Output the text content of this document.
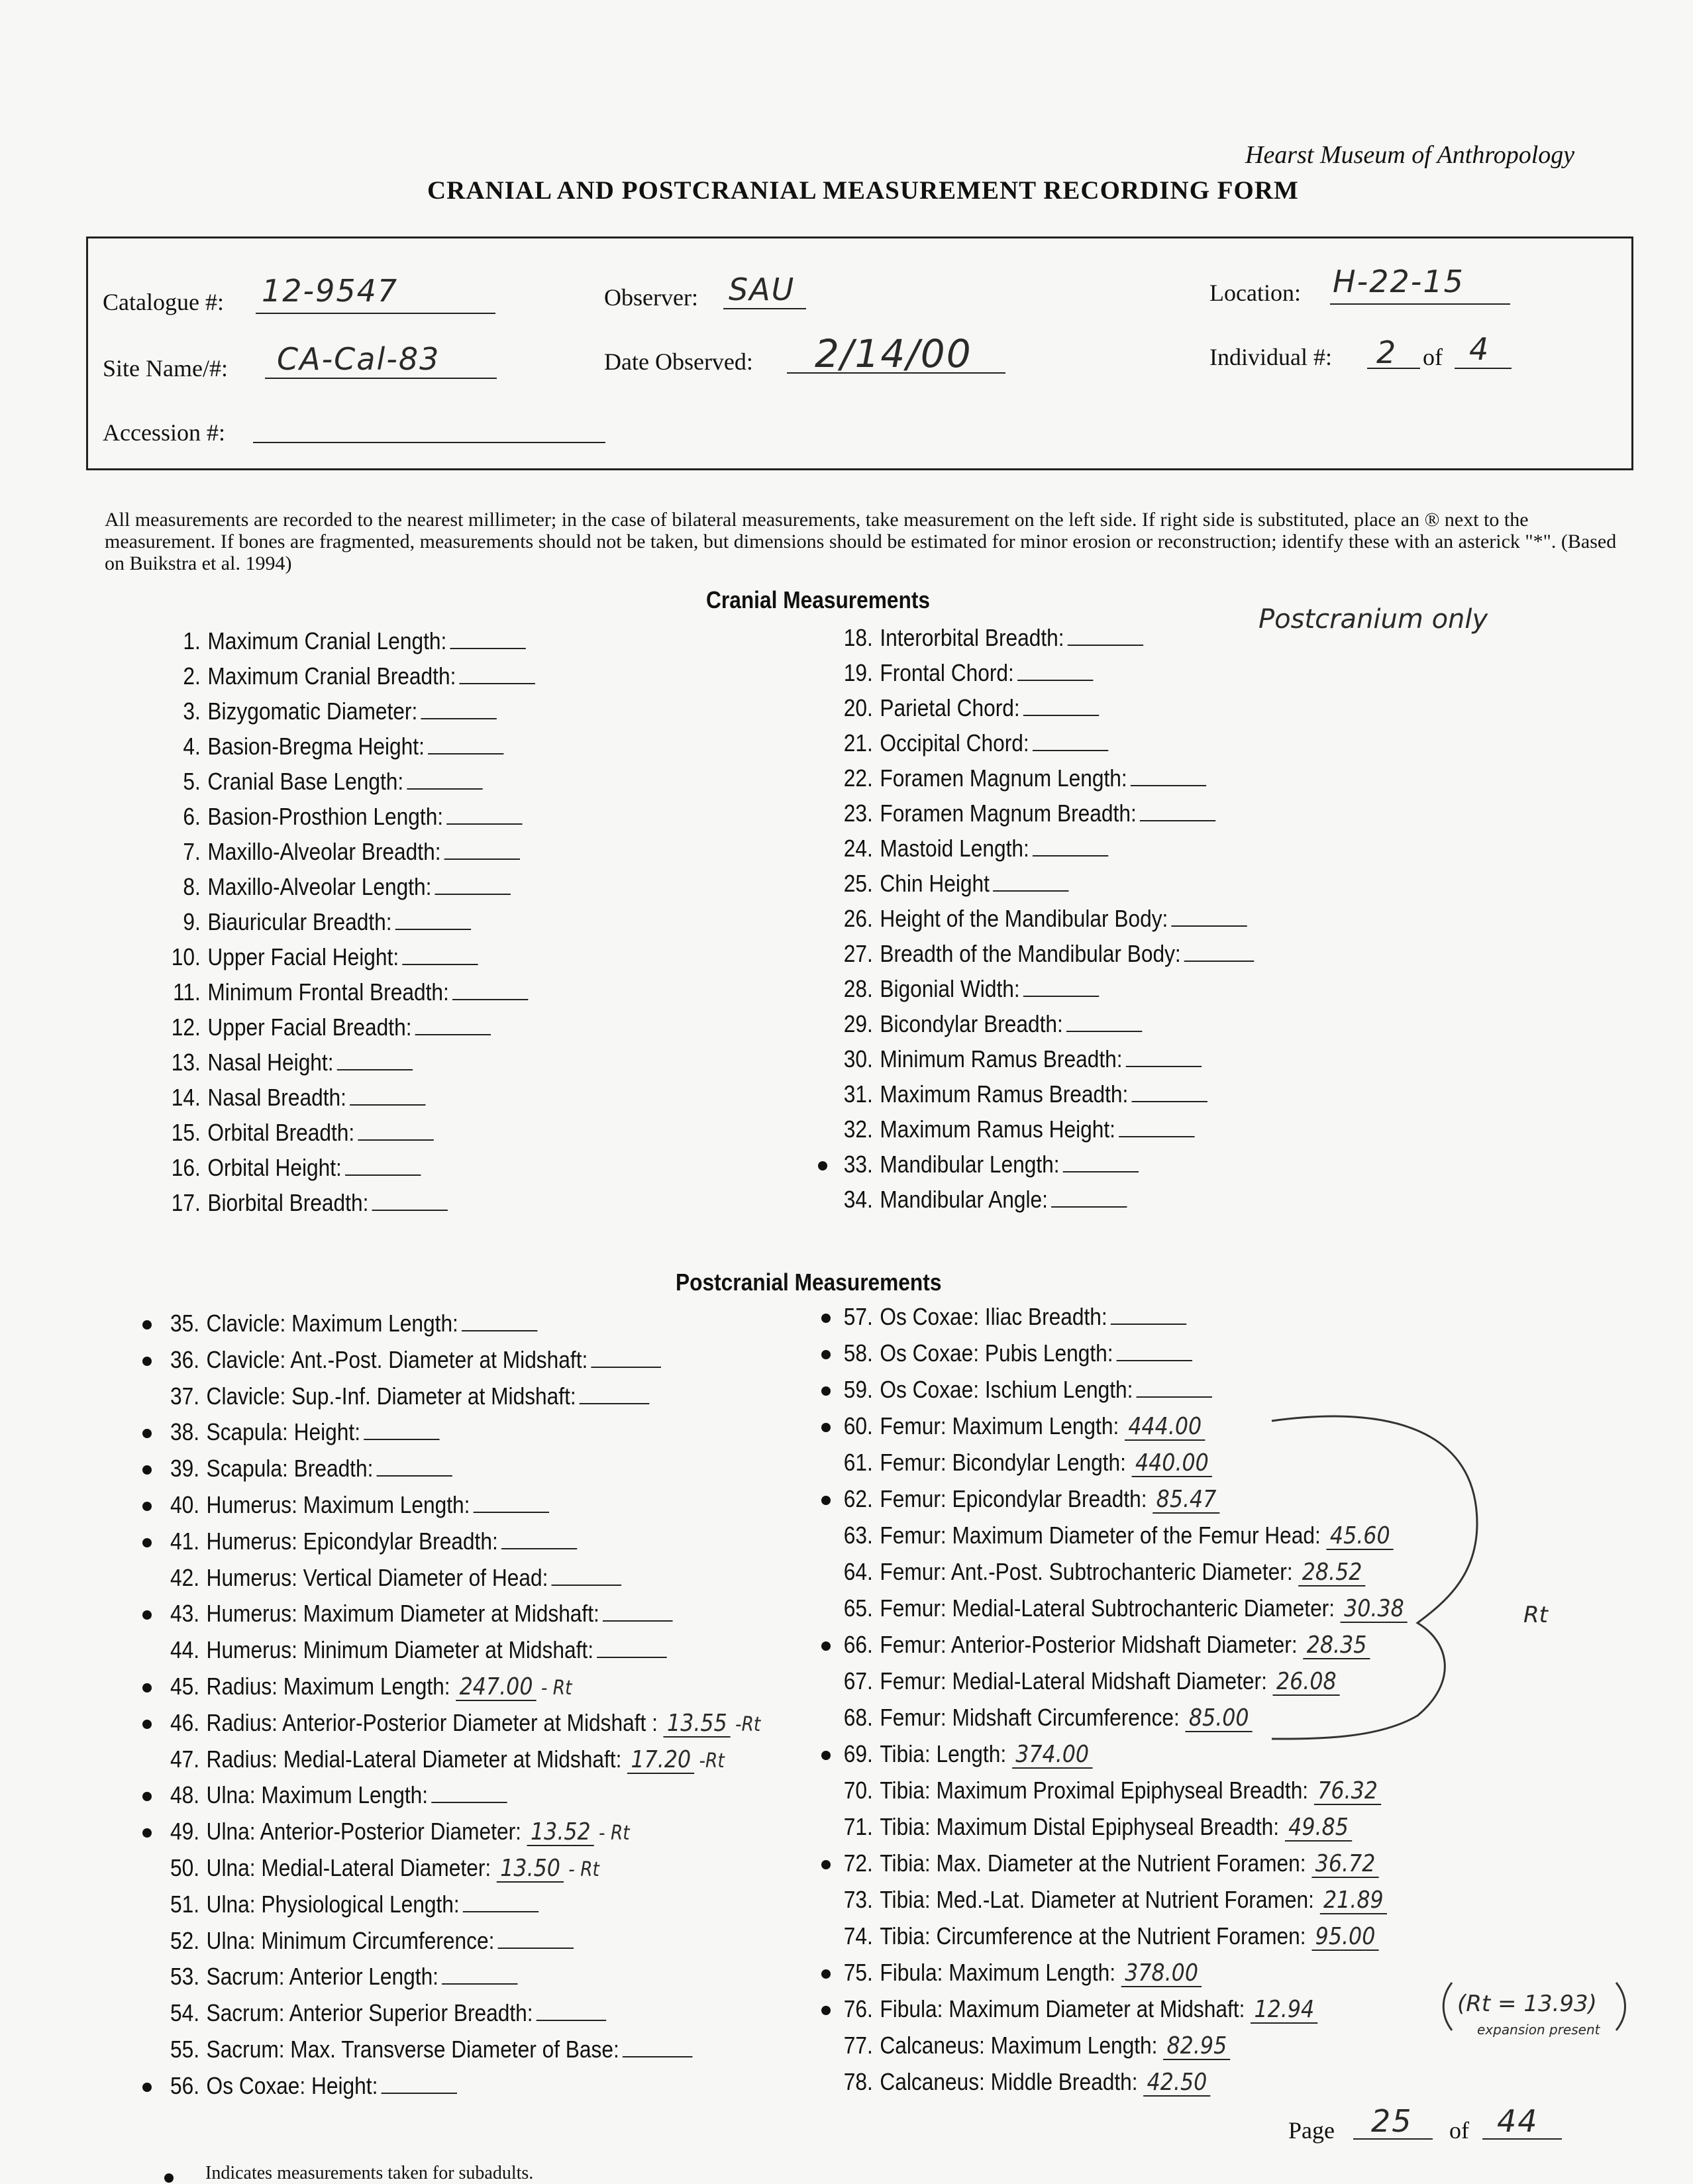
Hearst Museum of Anthropology
CRANIAL AND POSTCRANIAL MEASUREMENT RECORDING FORM
Catalogue #: 12-9547	Observer: SAU	Location: H-22-15
Site Name/#: CA-Cal-83	Date Observed: 2/14/00	Individual #: 2 of 4
Accession #:
All measurements are recorded to the nearest millimeter; in the case of bilateral measurements, take measurement on the left side. If right side is substituted, place an ® next to the measurement. If bones are fragmented, measurements should not be taken, but dimensions should be estimated for minor erosion or reconstruction; identify these with an asterick "*". (Based on Buikstra et al. 1994)
Cranial Measurements
Postcranium only
1. Maximum Cranial Length:
2. Maximum Cranial Breadth:
3. Bizygomatic Diameter:
4. Basion-Bregma Height:
5. Cranial Base Length:
6. Basion-Prosthion Length:
7. Maxillo-Alveolar Breadth:
8. Maxillo-Alveolar Length:
9. Biauricular Breadth:
10. Upper Facial Height:
11. Minimum Frontal Breadth:
12. Upper Facial Breadth:
13. Nasal Height:
14. Nasal Breadth:
15. Orbital Breadth:
16. Orbital Height:
17. Biorbital Breadth:
18. Interorbital Breadth:
19. Frontal Chord:
20. Parietal Chord:
21. Occipital Chord:
22. Foramen Magnum Length:
23. Foramen Magnum Breadth:
24. Mastoid Length:
25. Chin Height
26. Height of the Mandibular Body:
27. Breadth of the Mandibular Body:
28. Bigonial Width:
29. Bicondylar Breadth:
30. Minimum Ramus Breadth:
31. Maximum Ramus Breadth:
32. Maximum Ramus Height:
33. Mandibular Length:
34. Mandibular Angle:
Postcranial Measurements
35. Clavicle: Maximum Length:
36. Clavicle: Ant.-Post. Diameter at Midshaft:
37. Clavicle: Sup.-Inf. Diameter at Midshaft:
38. Scapula: Height:
39. Scapula: Breadth:
40. Humerus: Maximum Length:
41. Humerus: Epicondylar Breadth:
42. Humerus: Vertical Diameter of Head:
43. Humerus: Maximum Diameter at Midshaft:
44. Humerus: Minimum Diameter at Midshaft:
45. Radius: Maximum Length: 247.00 - Rt
46. Radius: Anterior-Posterior Diameter at Midshaft : 13.55 -Rt
47. Radius: Medial-Lateral Diameter at Midshaft: 17.20 -Rt
48. Ulna: Maximum Length:
49. Ulna: Anterior-Posterior Diameter: 13.52 - Rt
50. Ulna: Medial-Lateral Diameter: 13.50 - Rt
51. Ulna: Physiological Length:
52. Ulna: Minimum Circumference:
53. Sacrum: Anterior Length:
54. Sacrum: Anterior Superior Breadth:
55. Sacrum: Max. Transverse Diameter of Base:
56. Os Coxae: Height:
57. Os Coxae: Iliac Breadth:
58. Os Coxae: Pubis Length:
59. Os Coxae: Ischium Length:
60. Femur: Maximum Length: 444.00
61. Femur: Bicondylar Length: 440.00
62. Femur: Epicondylar Breadth: 85.47
63. Femur: Maximum Diameter of the Femur Head: 45.60
64. Femur: Ant.-Post. Subtrochanteric Diameter: 28.52
65. Femur: Medial-Lateral Subtrochanteric Diameter: 30.38
66. Femur: Anterior-Posterior Midshaft Diameter: 28.35
67. Femur: Medial-Lateral Midshaft Diameter: 26.08
68. Femur: Midshaft Circumference: 85.00
69. Tibia: Length: 374.00
70. Tibia: Maximum Proximal Epiphyseal Breadth: 76.32
71. Tibia: Maximum Distal Epiphyseal Breadth: 49.85
72. Tibia: Max. Diameter at the Nutrient Foramen: 36.72
73. Tibia: Med.-Lat. Diameter at Nutrient Foramen: 21.89
74. Tibia: Circumference at the Nutrient Foramen: 95.00
75. Fibula: Maximum Length: 378.00
76. Fibula: Maximum Diameter at Midshaft: 12.94
77. Calcaneus: Maximum Length: 82.95
78. Calcaneus: Middle Breadth: 42.50
Rt
(Rt = 13.93)
expansion present
Page 25 of 44
Indicates measurements taken for subadults.
